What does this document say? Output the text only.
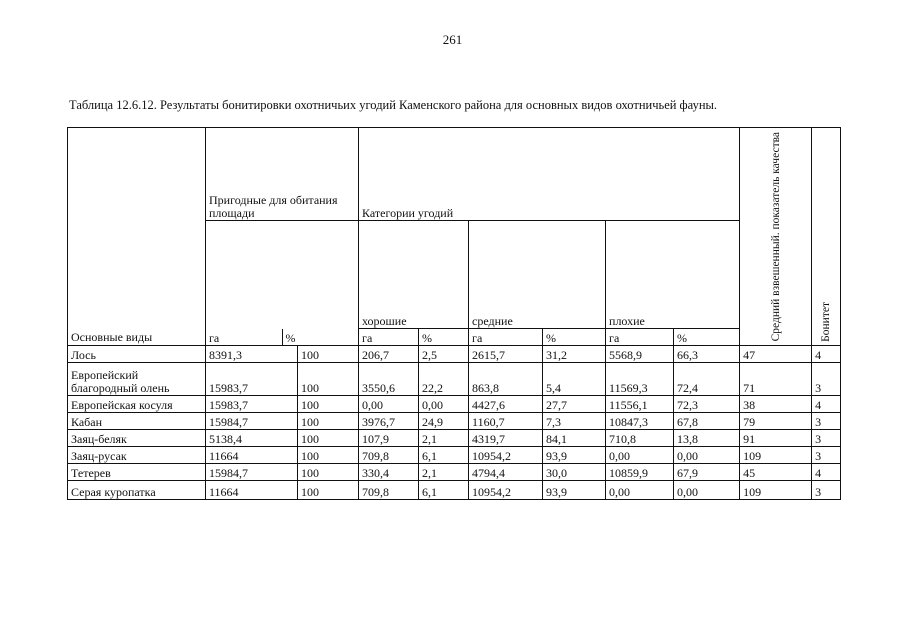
261
Таблица 12.6.12. Результаты бонитировки охотничьих угодий Каменского района для основных видов охотничьей фауны.
Основные виды	
Пригодные для обитания площади	Категории угодий	Средний взвешенный. показатель качества	Бонитет

га	%
	хорошие	средние	плохие
га	%	га	%	га	%
Лось	8391,3	100	206,7	2,5	2615,7	31,2	5568,9	66,3	47	4
Европейский благородный олень	15983,7	100	3550,6	22,2	863,8	5,4	11569,3	72,4	71	3
Европейская косуля	15983,7	100	0,00	0,00	4427,6	27,7	11556,1	72,3	38	4
Кабан	15984,7	100	3976,7	24,9	1160,7	7,3	10847,3	67,8	79	3
Заяц-беляк	5138,4	100	107,9	2,1	4319,7	84,1	710,8	13,8	91	3
Заяц-русак	11664	100	709,8	6,1	10954,2	93,9	0,00	0,00	109	3
Тетерев	15984,7	100	330,4	2,1	4794,4	30,0	10859,9	67,9	45	4
Серая куропатка	11664	100	709,8	6,1	10954,2	93,9	0,00	0,00	109	3
